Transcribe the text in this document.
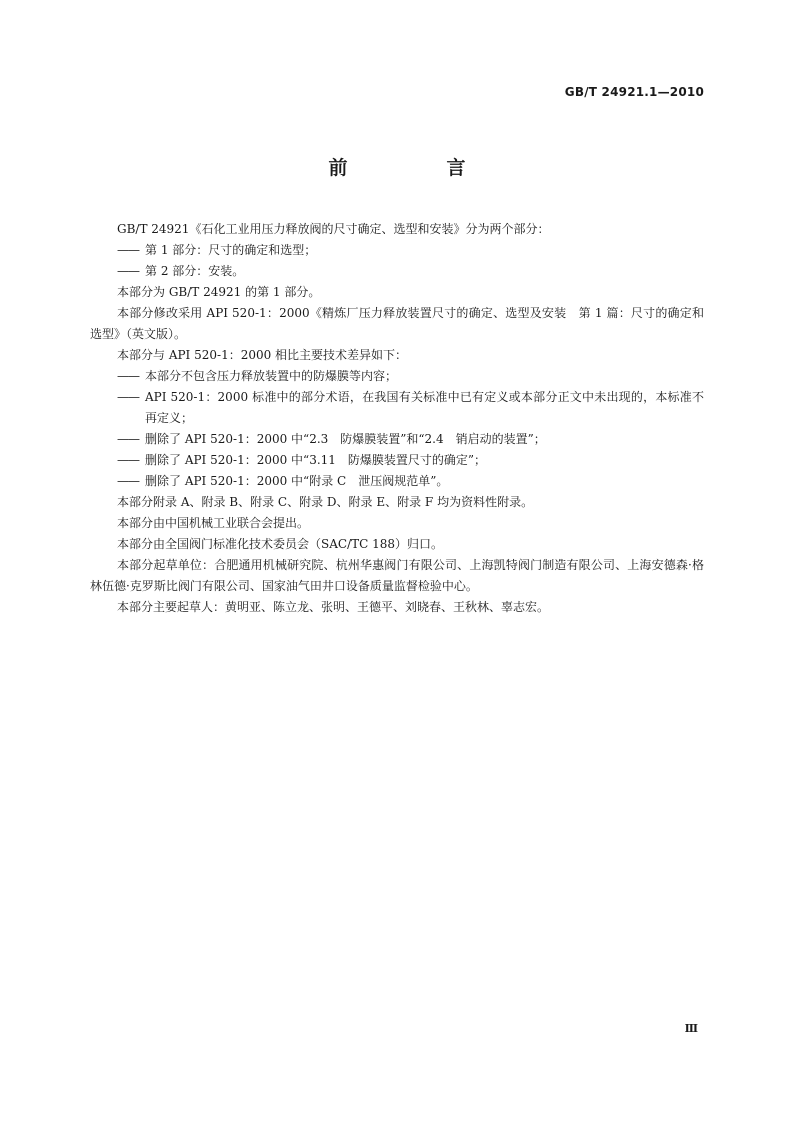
GB/T 24921.1—2010
前　言

GB/T 24921《石化工业用压力释放阀的尺寸确定、选型和安装》分为两个部分：

—— 第 1 部分：尺寸的确定和选型；

—— 第 2 部分：安装。

本部分为 GB/T 24921 的第 1 部分。

本部分修改采用 API 520-1：2000《精炼厂压力释放装置尺寸的确定、选型及安装　第 1 篇：尺寸的确定和选型》（英文版）。

本部分与 API 520-1：2000 相比主要技术差异如下：

—— 本部分不包含压力释放装置中的防爆膜等内容；

—— API 520-1：2000 标准中的部分术语，在我国有关标准中已有定义或本部分正文中未出现的，本标准不再定义；

—— 删除了 API 520-1：2000 中“2.3　防爆膜装置”和“2.4　销启动的装置”；

—— 删除了 API 520-1：2000 中“3.11　防爆膜装置尺寸的确定”；

—— 删除了 API 520-1：2000 中“附录 C　泄压阀规范单”。

本部分附录 A、附录 B、附录 C、附录 D、附录 E、附录 F 均为资料性附录。

本部分由中国机械工业联合会提出。

本部分由全国阀门标准化技术委员会（SAC/TC 188）归口。

本部分起草单位：合肥通用机械研究院、杭州华惠阀门有限公司、上海凯特阀门制造有限公司、上海安德森·格林伍德·克罗斯比阀门有限公司、国家油气田井口设备质量监督检验中心。

本部分主要起草人：黄明亚、陈立龙、张明、王德平、刘晓春、王秋林、辜志宏。

Ⅲ
